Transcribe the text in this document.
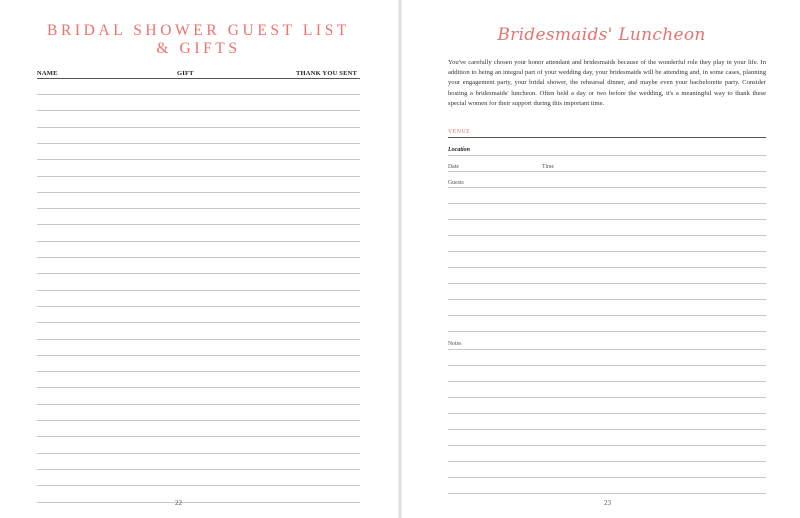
BRIDAL SHOWER GUEST LIST
& GIFTS
NAME	GIFT	THANK YOU SENT
22
Bridesmaids' Luncheon
You've carefully chosen your honor attendant and bridesmaids because of the wonderful role they play in your life. In addition to being an integral part of your wedding day, your bridesmaids will be attending and, in some cases, planning your engagement party, your bridal shower, the rehearsal dinner, and maybe even your bachelorette party. Consider hosting a bridesmaids' luncheon. Often held a day or two before the wedding, it's a meaningful way to thank these special women for their support during this important time.
VENUE
Location
Date	Time
Guests
Notes
23
